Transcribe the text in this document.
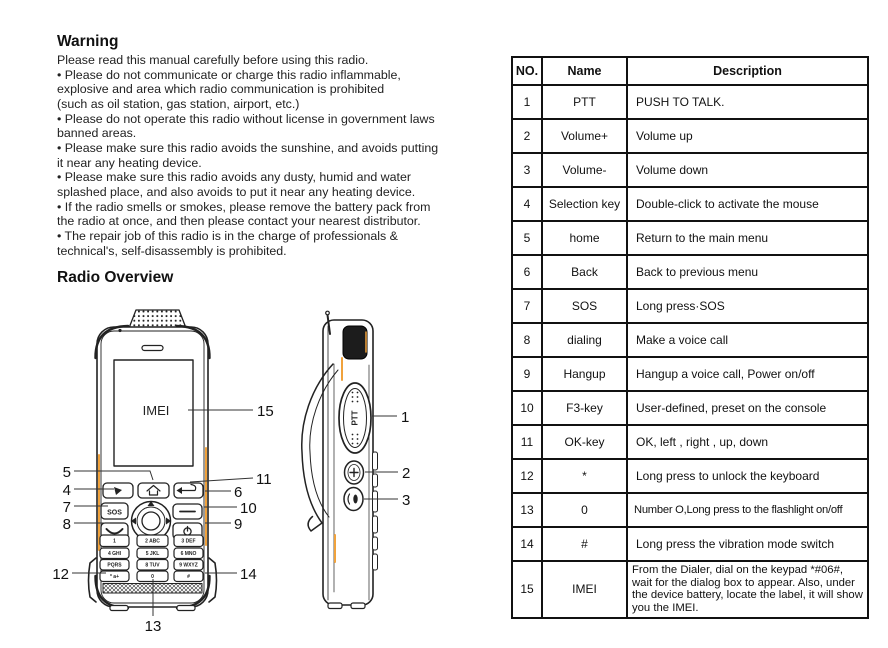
Warning
Please read this manual carefully before using this radio.
• Please do not communicate or charge this radio inflammable,
explosive and area which radio communication is prohibited
(such as oil station, gas station, airport, etc.)
• Please do not operate this radio without license in government laws
banned areas.
• Please make sure this radio avoids the sunshine, and avoids putting
it near any heating device.
• Please make sure this radio avoids any dusty, humid and water
splashed place, and also avoids to put it near any heating device.
• If the radio smells or smokes, please remove the battery pack from
the radio at once, and then please contact your nearest distributor.
• The repair job of this radio is in the charge of professionals &
technical's, self-disassembly is prohibited.
Radio Overview
IMEI
SOS
1	2 ABC	3 DEF
4 GHI	5 JKL	6 MNO
PQRS	8 TUV	9 WXYZ
* a+	0	#
PTT
15
5
4
7
8
12
11
6
10
9
14
13
1
2
3
NO.	Name	Description
1	PTT	PUSH TO TALK.
2	Volume+	Volume up
3	Volume-	Volume down
4	Selection key	Double-click to activate the mouse
5	home	Return to the main menu
6	Back	Back to previous menu
7	SOS	Long press·SOS
8	dialing	Make a voice call
9	Hangup	Hangup a voice call, Power on/off
10	F3-key	User-defined, preset on the console
11	OK-key	OK, left , right , up, down
12	*	Long press to unlock the keyboard
13	0	Number O,Long press to the flashlight on/off
14	#	Long press the vibration mode switch
15	IMEI	From the Dialer, dial on the keypad *#06#, wait for the dialog box to appear. Also, under the device battery, locate the label, it will show you the IMEI.
